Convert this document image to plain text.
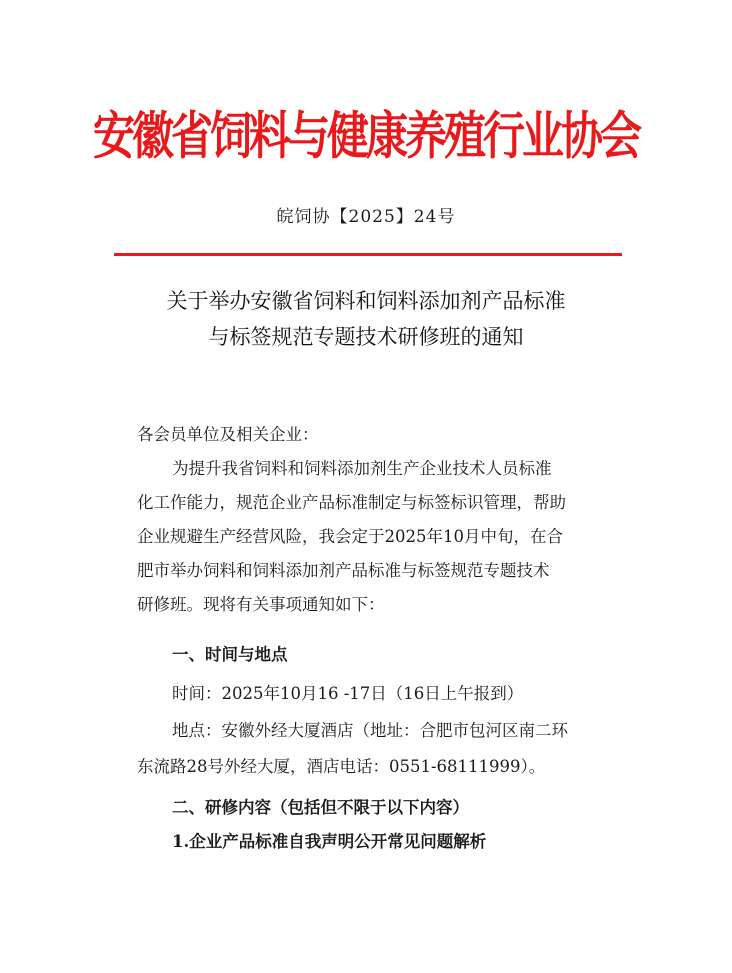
安徽省饲料与健康养殖行业协会
皖饲协【2025】24号
关于举办安徽省饲料和饲料添加剂产品标准
与标签规范专题技术研修班的通知
各会员单位及相关企业：
为提升我省饲料和饲料添加剂生产企业技术人员标准
化工作能力，规范企业产品标准制定与标签标识管理，帮助
企业规避生产经营风险，我会定于2025年10月中旬，在合
肥市举办饲料和饲料添加剂产品标准与标签规范专题技术
研修班。现将有关事项通知如下：
一、时间与地点
时间：2025年10月16 -17日（16日上午报到）
地点：安徽外经大厦酒店（地址：合肥市包河区南二环
东流路28号外经大厦，酒店电话：0551-68111999）。
二、研修内容（包括但不限于以下内容）
1.企业产品标准自我声明公开常见问题解析
